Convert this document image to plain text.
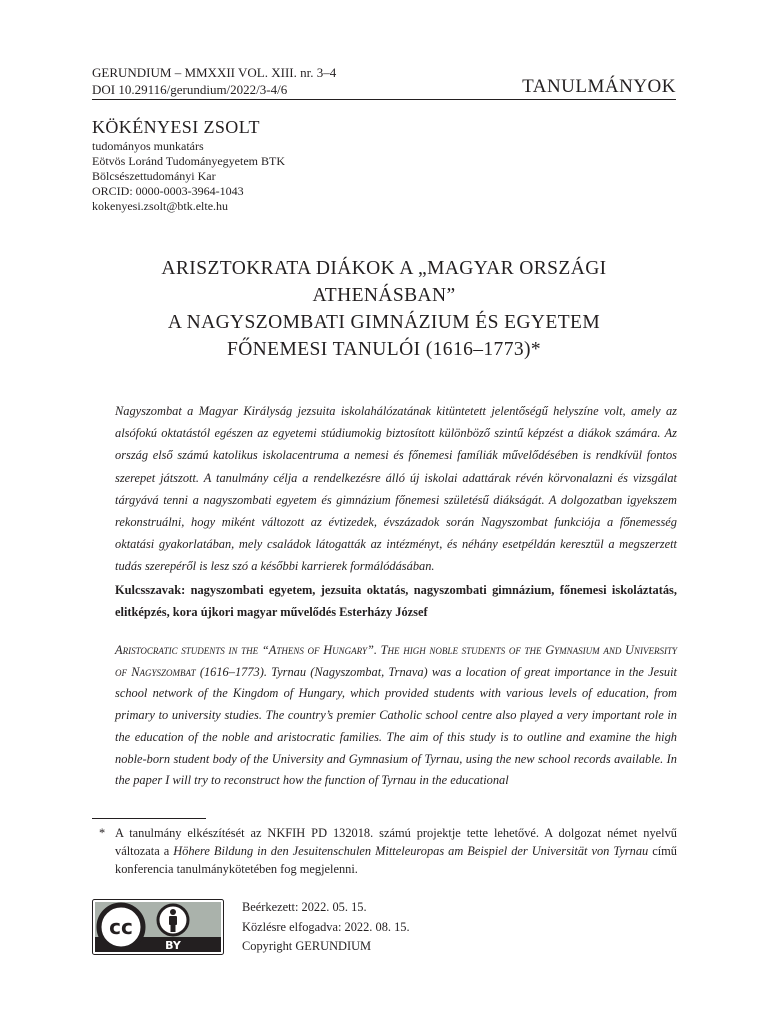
GERUNDIUM – MMXXII VOL. XIII. nr. 3–4
DOI 10.29116/gerundium/2022/3-4/6	TANULMÁNYOK
KÖKÉNYESI ZSOLT
tudományos munkatárs
Eötvös Loránd Tudományegyetem BTK
Bölcsészettudományi Kar
ORCID: 0000-0003-3964-1043
kokenyesi.zsolt@btk.elte.hu
ARISZTOKRATA DIÁKOK A „MAGYAR ORSZÁGI
ATHENÁSBAN”
A NAGYSZOMBATI GIMNÁZIUM ÉS EGYETEM
FŐNEMESI TANULÓI (1616–1773)*

Nagyszombat a Magyar Királyság jezsuita iskolahálózatának kitüntetett jelentőségű helyszíne volt, amely az alsófokú oktatástól egészen az egyetemi stúdiumokig biztosított különböző szintű képzést a diákok számára. Az ország első számú katolikus iskolacentruma a nemesi és főnemesi famíliák művelődésében is rendkívül fontos szerepet játszott. A tanulmány célja a rendelkezésre álló új iskolai adattárak révén körvonalazni és vizsgálat tárgyává tenni a nagyszombati egyetem és gimnázium főnemesi születésű diákságát. A dolgozatban igyekszem rekonstruálni, hogy miként változott az évtizedek, évszázadok során Nagyszombat funkciója a főnemesség oktatási gyakorlatában, mely családok látogatták az intézményt, és néhány esetpéldán keresztül a megszerzett tudás szerepéről is lesz szó a későbbi karrierek formálódásában.

Kulcsszavak: nagyszombati egyetem, jezsuita oktatás, nagyszombati gimnázium, főnemesi iskoláztatás, elitképzés, kora újkori magyar művelődés Esterházy József
Aristocratic students in the “Athens of Hungary”. The high noble students of the Gymnasium and University of Nagyszombat (1616–1773). Tyrnau (Nagyszombat, Trnava) was a location of great importance in the Jesuit school network of the Kingdom of Hungary, which provided students with various levels of education, from primary to university studies. The country’s premier Catholic school centre also played a very important role in the education of the noble and aristocratic families. The aim of this study is to outline and examine the high noble-born student body of the University and Gymnasium of Tyrnau, using the new school records available. In the paper I will try to reconstruct how the function of Tyrnau in the educational
* A tanulmány elkészítését az NKFIH PD 132018. számú projektje tette lehetővé. A dolgozat német nyelvű változata a Höhere Bildung in den Jesuitenschulen Mitteleuropas am Beispiel der Universität von Tyrnau című konferencia tanulmánykötetében fog megjelenni.
cc
BY
Beérkezett: 2022. 05. 15.
Közlésre elfogadva: 2022. 08. 15.
Copyright GERUNDIUM
